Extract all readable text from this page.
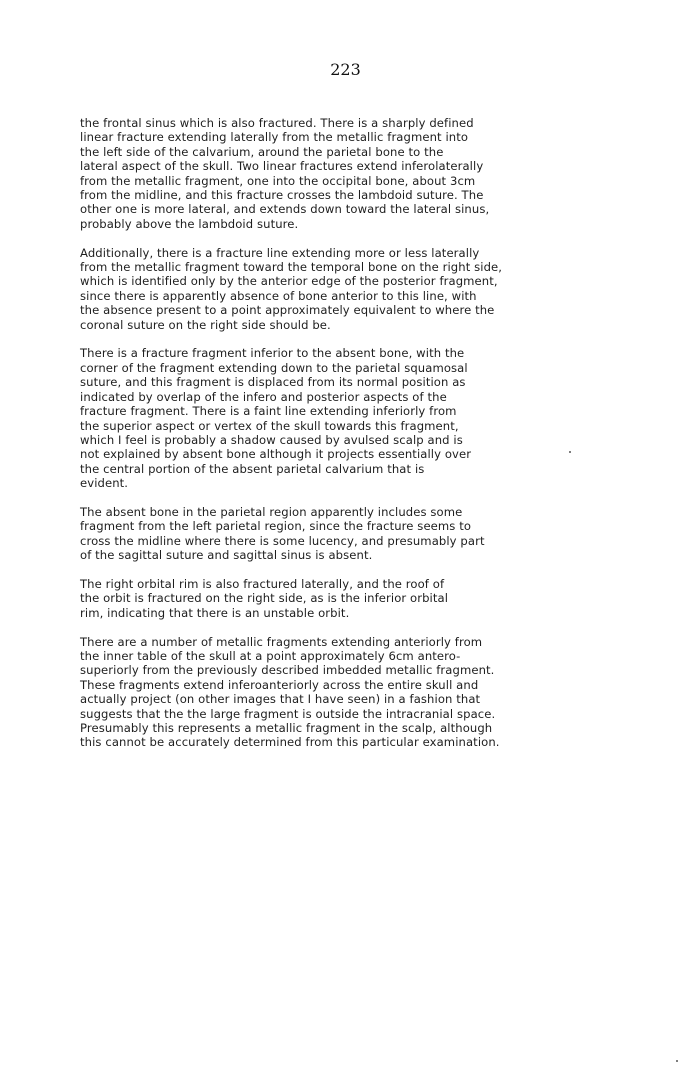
223
the frontal sinus which is also fractured. There is a sharply defined
linear fracture extending laterally from the metallic fragment into
the left side of the calvarium, around the parietal bone to the
lateral aspect of the skull. Two linear fractures extend inferolaterally
from the metallic fragment, one into the occipital bone, about 3cm
from the midline, and this fracture crosses the lambdoid suture. The
other one is more lateral, and extends down toward the lateral sinus,
probably above the lambdoid suture.
Additionally, there is a fracture line extending more or less laterally
from the metallic fragment toward the temporal bone on the right side,
which is identified only by the anterior edge of the posterior fragment,
since there is apparently absence of bone anterior to this line, with
the absence present to a point approximately equivalent to where the
coronal suture on the right side should be.
There is a fracture fragment inferior to the absent bone, with the
corner of the fragment extending down to the parietal squamosal
suture, and this fragment is displaced from its normal position as
indicated by overlap of the infero and posterior aspects of the
fracture fragment. There is a faint line extending inferiorly from
the superior aspect or vertex of the skull towards this fragment,
which I feel is probably a shadow caused by avulsed scalp and is
not explained by absent bone although it projects essentially over
the central portion of the absent parietal calvarium that is
evident.
The absent bone in the parietal region apparently includes some
fragment from the left parietal region, since the fracture seems to
cross the midline where there is some lucency, and presumably part
of the sagittal suture and sagittal sinus is absent.
The right orbital rim is also fractured laterally, and the roof of
the orbit is fractured on the right side, as is the inferior orbital
rim, indicating that there is an unstable orbit.
There are a number of metallic fragments extending anteriorly from
the inner table of the skull at a point approximately 6cm antero-
superiorly from the previously described imbedded metallic fragment.
These fragments extend inferoanteriorly across the entire skull and
actually project (on other images that I have seen) in a fashion that
suggests that the the large fragment is outside the intracranial space.
Presumably this represents a metallic fragment in the scalp, although
this cannot be accurately determined from this particular examination.
